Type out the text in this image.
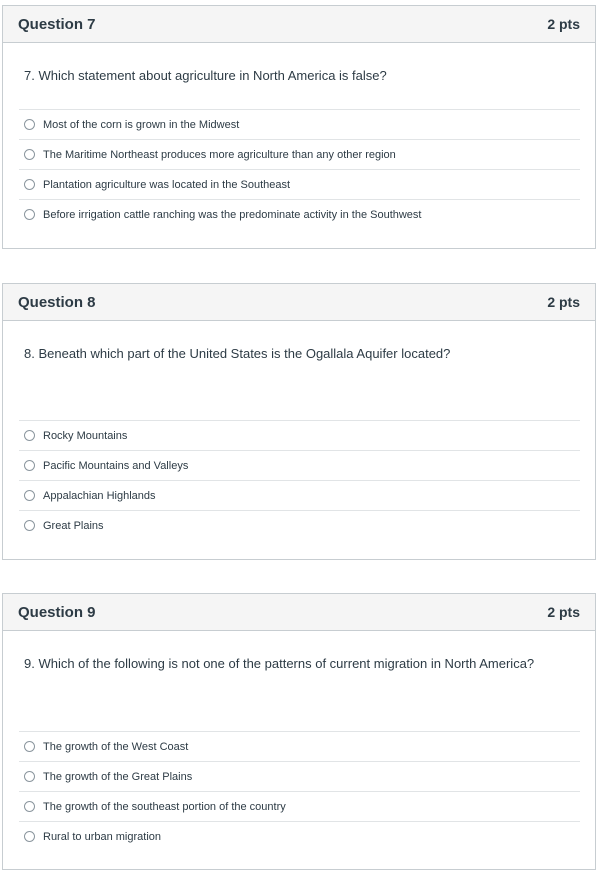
Question 7	2 pts
7. Which statement about agriculture in North America is false?
Most of the corn is grown in the Midwest
The Maritime Northeast produces more agriculture than any other region
Plantation agriculture was located in the Southeast
Before irrigation cattle ranching was the predominate activity in the Southwest
Question 8	2 pts
8. Beneath which part of the United States is the Ogallala Aquifer located?
Rocky Mountains
Pacific Mountains and Valleys
Appalachian Highlands
Great Plains
Question 9	2 pts
9. Which of the following is not one of the patterns of current migration in North America?
The growth of the West Coast
The growth of the Great Plains
The growth of the southeast portion of the country
Rural to urban migration
